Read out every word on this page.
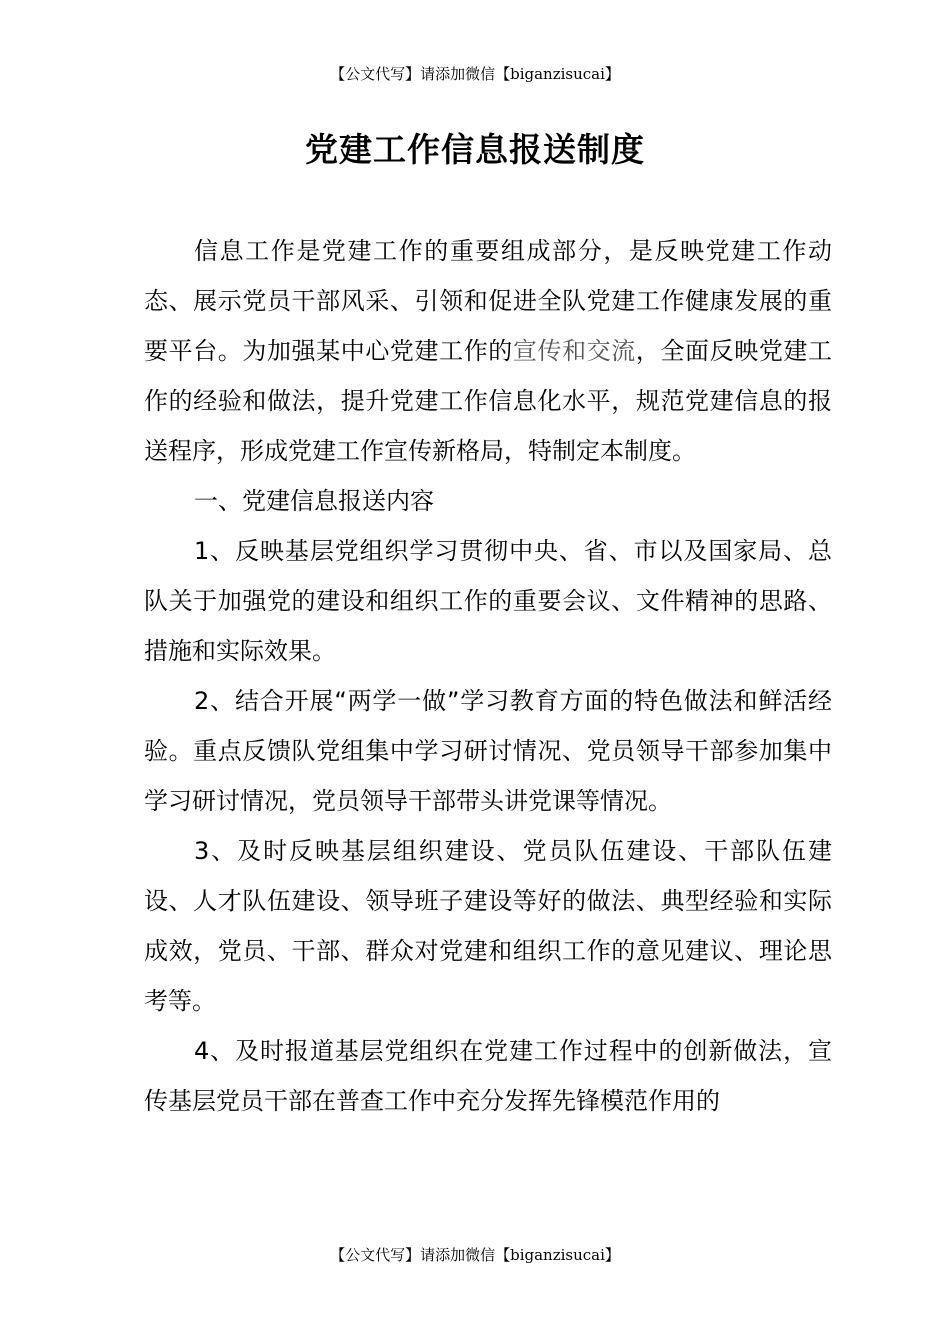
【公文代写】请添加微信【biganzisucai】
党建工作信息报送制度

信息工作是党建工作的重要组成部分，是反映党建工作动态、展示党员干部风采、引领和促进全队党建工作健康发展的重要平台。为加强某中心党建工作的宣传和交流，全面反映党建工作的经验和做法，提升党建工作信息化水平，规范党建信息的报送程序，形成党建工作宣传新格局，特制定本制度。

一、党建信息报送内容

1、反映基层党组织学习贯彻中央、省、市以及国家局、总队关于加强党的建设和组织工作的重要会议、文件精神的思路、措施和实际效果。

2、结合开展“两学一做”学习教育方面的特色做法和鲜活经验。重点反馈队党组集中学习研讨情况、党员领导干部参加集中学习研讨情况，党员领导干部带头讲党课等情况。

3、及时反映基层组织建设、党员队伍建设、干部队伍建设、人才队伍建设、领导班子建设等好的做法、典型经验和实际成效，党员、干部、群众对党建和组织工作的意见建议、理论思考等。

4、及时报道基层党组织在党建工作过程中的创新做法，宣传基层党员干部在普查工作中充分发挥先锋模范作用的

【公文代写】请添加微信【biganzisucai】
